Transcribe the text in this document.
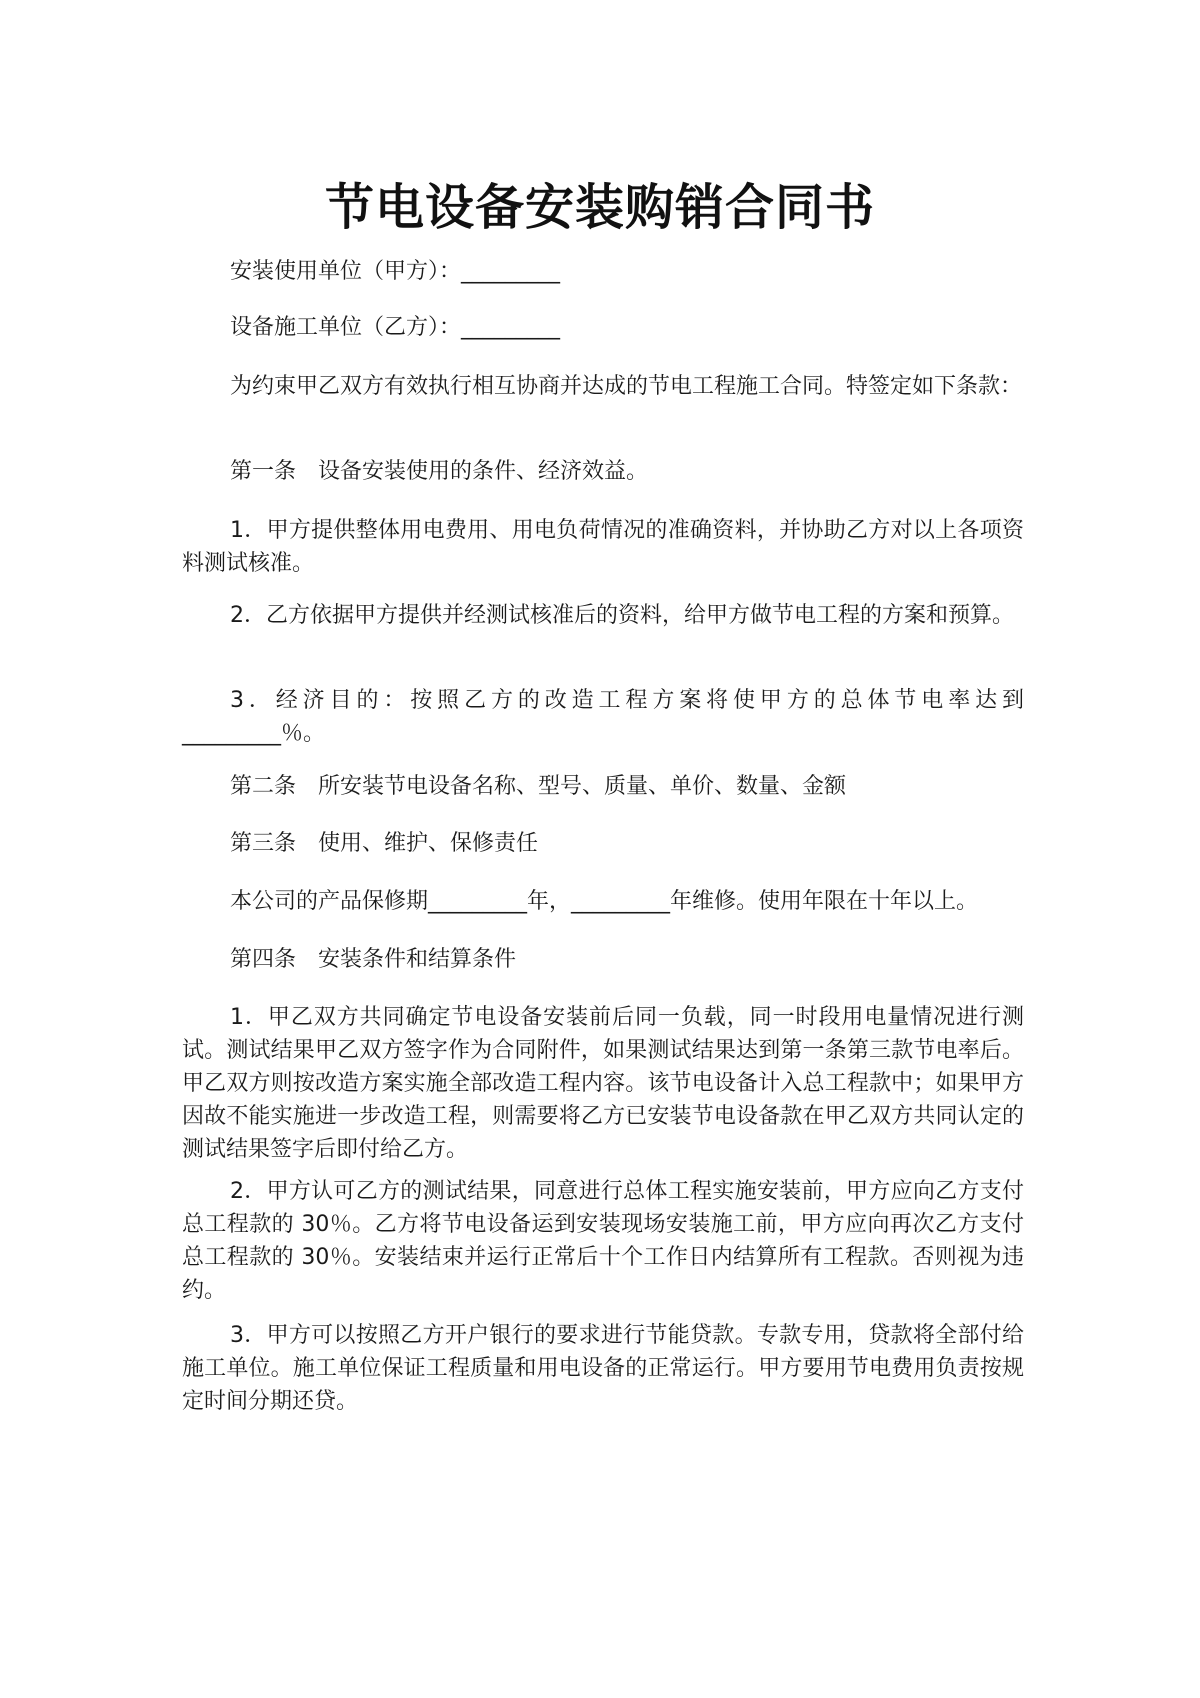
节电设备安装购销合同书

安装使用单位（甲方）：_________

设备施工单位（乙方）：_________

为约束甲乙双方有效执行相互协商并达成的节电工程施工合同。特签定如下条款：

第一条　设备安装使用的条件、经济效益。

1．甲方提供整体用电费用、用电负荷情况的准确资料，并协助乙方对以上各项资料测试核准。

2．乙方依据甲方提供并经测试核准后的资料，给甲方做节电工程的方案和预算。

3．经济目的：按照乙方的改造工程方案将使甲方的总体节电率达到_________％。

第二条　所安装节电设备名称、型号、质量、单价、数量、金额

第三条　使用、维护、保修责任

本公司的产品保修期_________年，_________年维修。使用年限在十年以上。

第四条　安装条件和结算条件

1．甲乙双方共同确定节电设备安装前后同一负载，同一时段用电量情况进行测试。测试结果甲乙双方签字作为合同附件，如果测试结果达到第一条第三款节电率后。甲乙双方则按改造方案实施全部改造工程内容。该节电设备计入总工程款中；如果甲方因故不能实施进一步改造工程，则需要将乙方已安装节电设备款在甲乙双方共同认定的测试结果签字后即付给乙方。

2．甲方认可乙方的测试结果，同意进行总体工程实施安装前，甲方应向乙方支付总工程款的 30％。乙方将节电设备运到安装现场安装施工前，甲方应向再次乙方支付总工程款的 30％。安装结束并运行正常后十个工作日内结算所有工程款。否则视为违约。

3．甲方可以按照乙方开户银行的要求进行节能贷款。专款专用，贷款将全部付给施工单位。施工单位保证工程质量和用电设备的正常运行。甲方要用节电费用负责按规定时间分期还贷。
